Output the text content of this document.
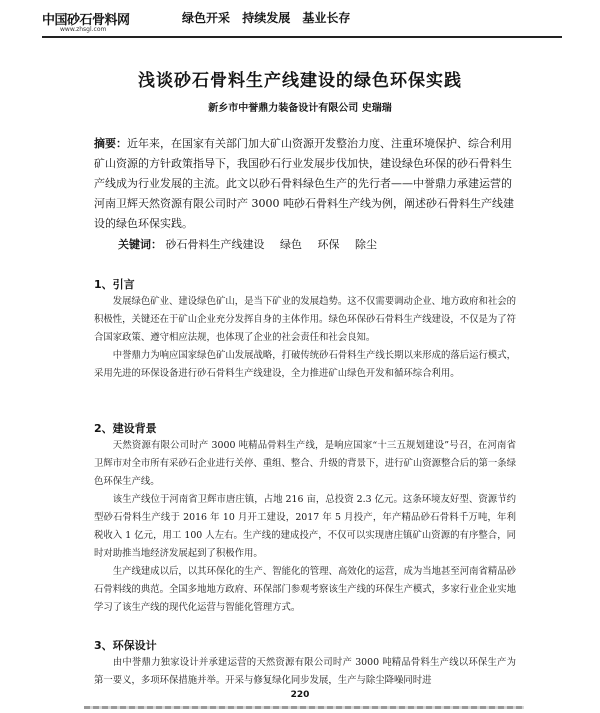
中国砂石骨料网
www.zhsgl.com
绿色开采 持续发展 基业长存
浅谈砂石骨料生产线建设的绿色环保实践
新乡市中誉鼎力装备设计有限公司 史瑞瑞
摘要：近年来，在国家有关部门加大矿山资源开发整治力度、注重环境保护、综合利用矿山资源的方针政策指导下，我国砂石行业发展步伐加快，建设绿色环保的砂石骨料生产线成为行业发展的主流。此文以砂石骨料绿色生产的先行者——中誉鼎力承建运营的河南卫辉天然资源有限公司时产 3000 吨砂石骨料生产线为例，阐述砂石骨料生产线建设的绿色环保实践。
关键词： 砂石骨料生产线建设 绿色 环保 除尘
1、引言
发展绿色矿业、建设绿色矿山，是当下矿业的发展趋势。这不仅需要调动企业、地方政府和社会的积极性，关键还在于矿山企业充分发挥自身的主体作用。绿色环保砂石骨料生产线建设，不仅是为了符合国家政策、遵守相应法规，也体现了企业的社会责任和社会良知。
中誉鼎力为响应国家绿色矿山发展战略，打破传统砂石骨料生产线长期以来形成的落后运行模式，采用先进的环保设备进行砂石骨料生产线建设，全力推进矿山绿色开发和循环综合利用。
2、建设背景
天然资源有限公司时产 3000 吨精品骨料生产线，是响应国家“十三五规划建设”号召，在河南省卫辉市对全市所有采砂石企业进行关停、重组、整合、升级的背景下，进行矿山资源整合后的第一条绿色环保生产线。
该生产线位于河南省卫辉市唐庄镇，占地 216 亩，总投资 2.3 亿元。这条环境友好型、资源节约型砂石骨料生产线于 2016 年 10 月开工建设，2017 年 5 月投产，年产精品砂石骨料千万吨，年利税收入 1 亿元，用工 100 人左右。生产线的建成投产，不仅可以实现唐庄镇矿山资源的有序整合，同时对助推当地经济发展起到了积极作用。
生产线建成以后，以其环保化的生产、智能化的管理、高效化的运营，成为当地甚至河南省精品砂石骨料线的典范。全国多地地方政府、环保部门参观考察该生产线的环保生产模式，多家行业企业实地学习了该生产线的现代化运营与智能化管理方式。
3、环保设计
由中誉鼎力独家设计并承建运营的天然资源有限公司时产 3000 吨精品骨料生产线以环保生产为第一要义，多项环保措施并举。开采与修复绿化同步发展，生产与除尘降噪同时进
220
